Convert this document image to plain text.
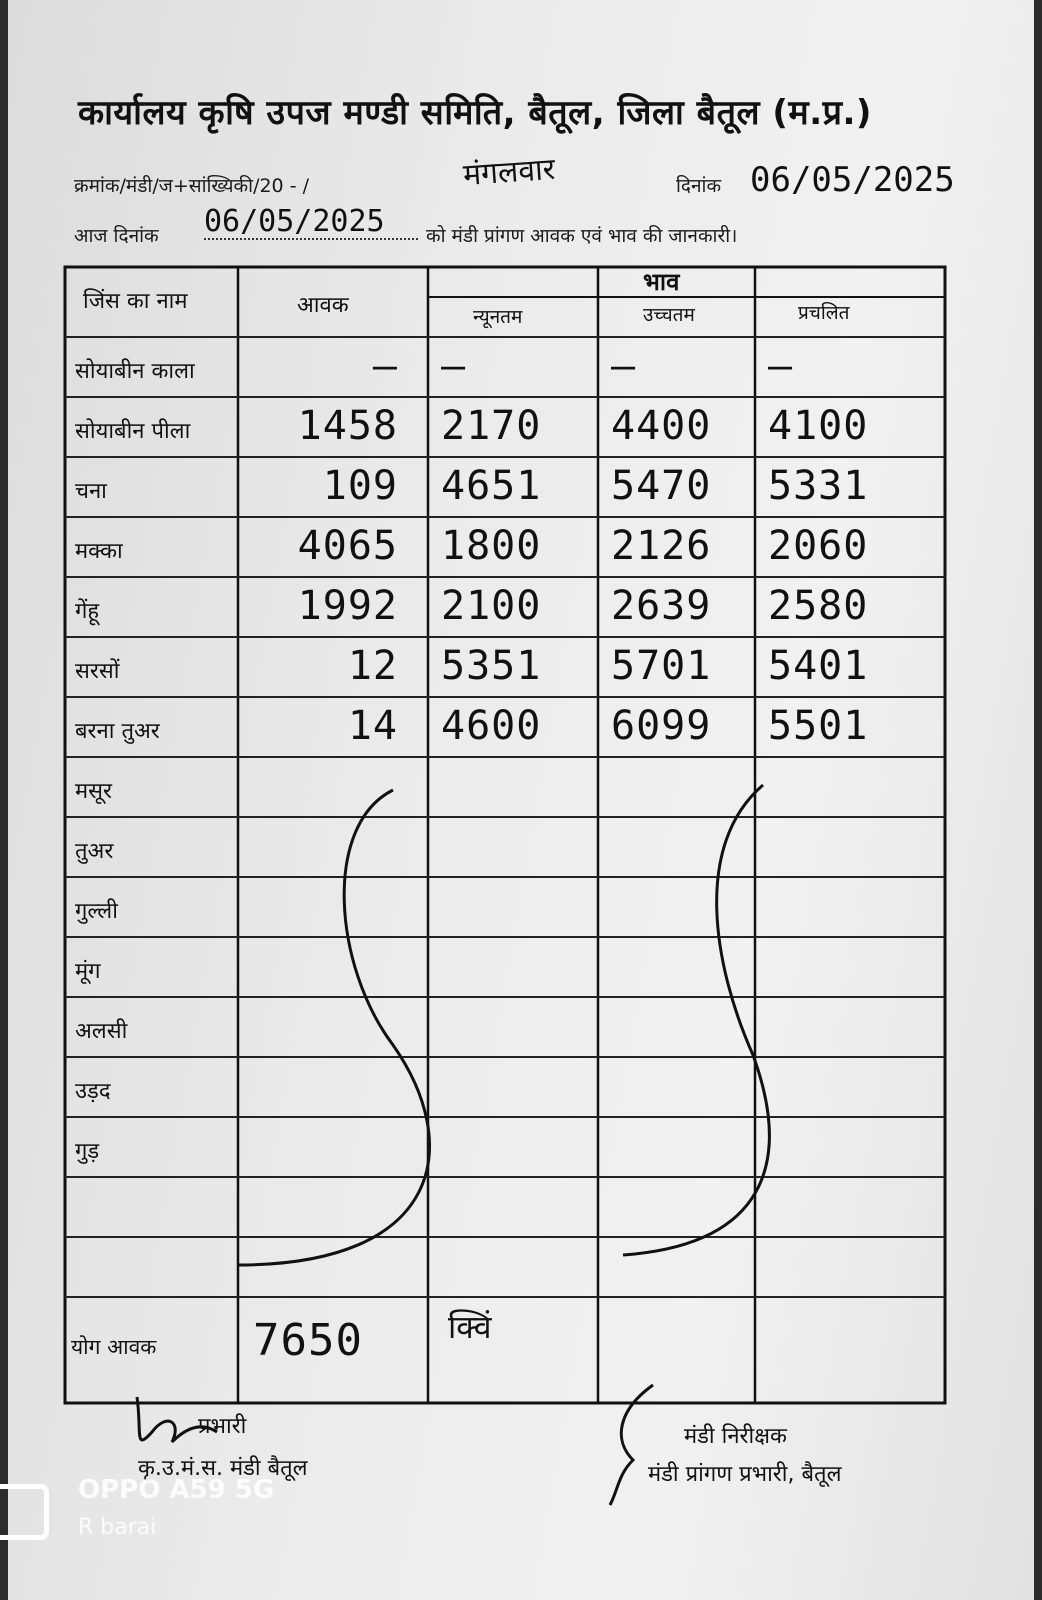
कार्यालय कृषि उपज मण्डी समिति, बैतूल, जिला बैतूल (म.प्र.)
क्रमांक/मंडी/ज+सांख्यिकी/20 - /	मंगलवार	दिनांक 06/05/2025
आज दिनांक 06/05/2025 को मंडी प्रांगण आवक एवं भाव की जानकारी।
जिंस का नाम	आवक
भाव
न्यूनतम	उच्चतम	प्रचलित
सोयाबीन काला	— —	—	—
सोयाबीन पीला	1458 2170 4400 4100
चना	109 4651 5470 5331
मक्का	4065 1800 2126 2060
गेंहू	1992 2100 2639 2580
सरसों	12 5351 5701 5401
बरना तुअर	14 4600 6099 5501
मसूर
तुअर
गुल्ली
मूंग
अलसी
उड़द
गुड़
योग आवक 7650	क्विं
प्रभारी
कृ.उ.मं.स. मंडी बैतूल
मंडी निरीक्षक
मंडी प्रांगण प्रभारी, बैतूल
OPPO A59 5G
R barai
